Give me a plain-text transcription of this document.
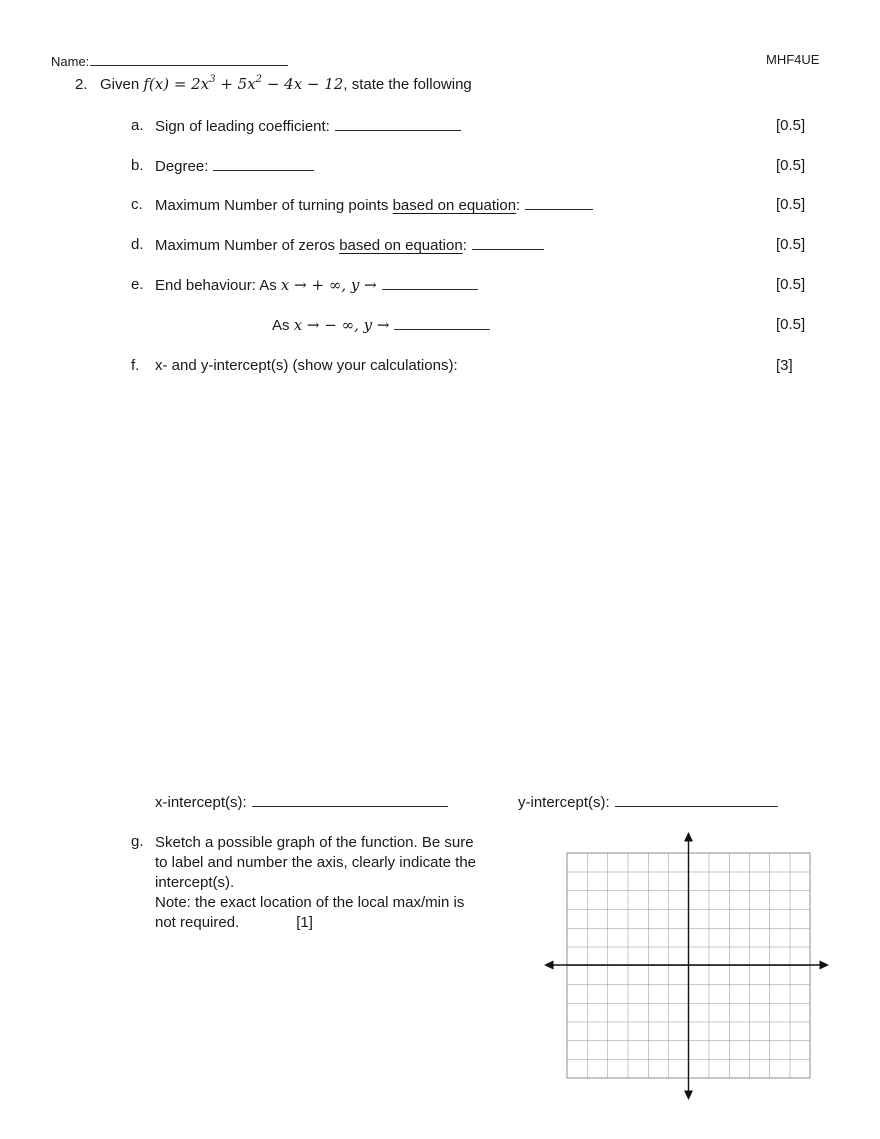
Name:	MHF4UE
2. Given $f(x) = 2x^3 + 5x^2 - 4x - 12$, state the following
a. Sign of leading coefficient:	[0.5]
b. Degree:	[0.5]
c. Maximum Number of turning points based on equation:	[0.5]
d. Maximum Number of zeros based on equation:	[0.5]
e. End behaviour: As x → + ∞, y →	[0.5]
As x → − ∞, y →	[0.5]
f. x- and y-intercept(s) (show your calculations):	[3]
x-intercept(s):	y-intercept(s):
g. Sketch a possible graph of the function. Be sure
to label and number the axis, clearly indicate the
intercept(s).
Note: the exact location of the local max/min is
not required.	[1]
